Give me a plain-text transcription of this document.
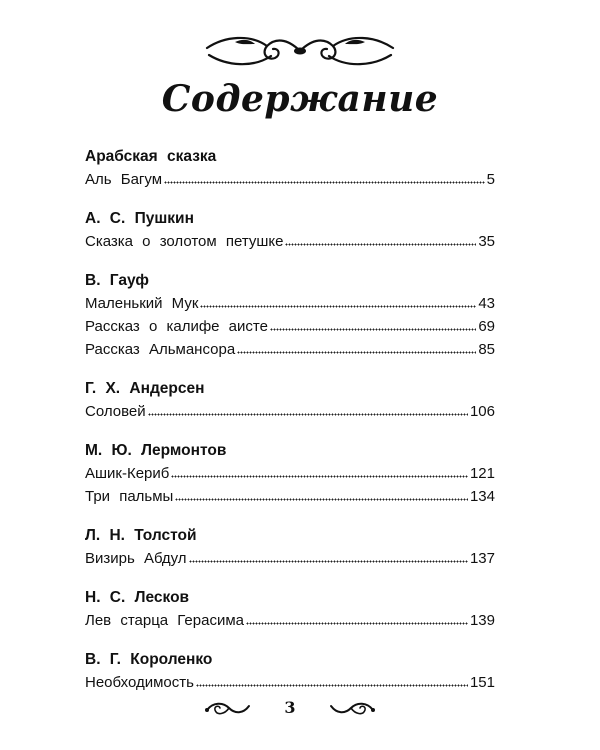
Содержание
Арабская сказка
Аль Багум	5
А. С. Пушкин
Сказка о золотом петушке	35
В. Гауф
Маленький Мук	43
Рассказ о калифе аисте	69
Рассказ Альмансора	85
Г. Х. Андерсен
Соловей	106
М. Ю. Лермонтов
Ашик-Кериб	121
Три пальмы	134
Л. Н. Толстой
Визирь Абдул	137
Н. С. Лесков
Лев старца Герасима	139
В. Г. Короленко
Необходимость	151
3
